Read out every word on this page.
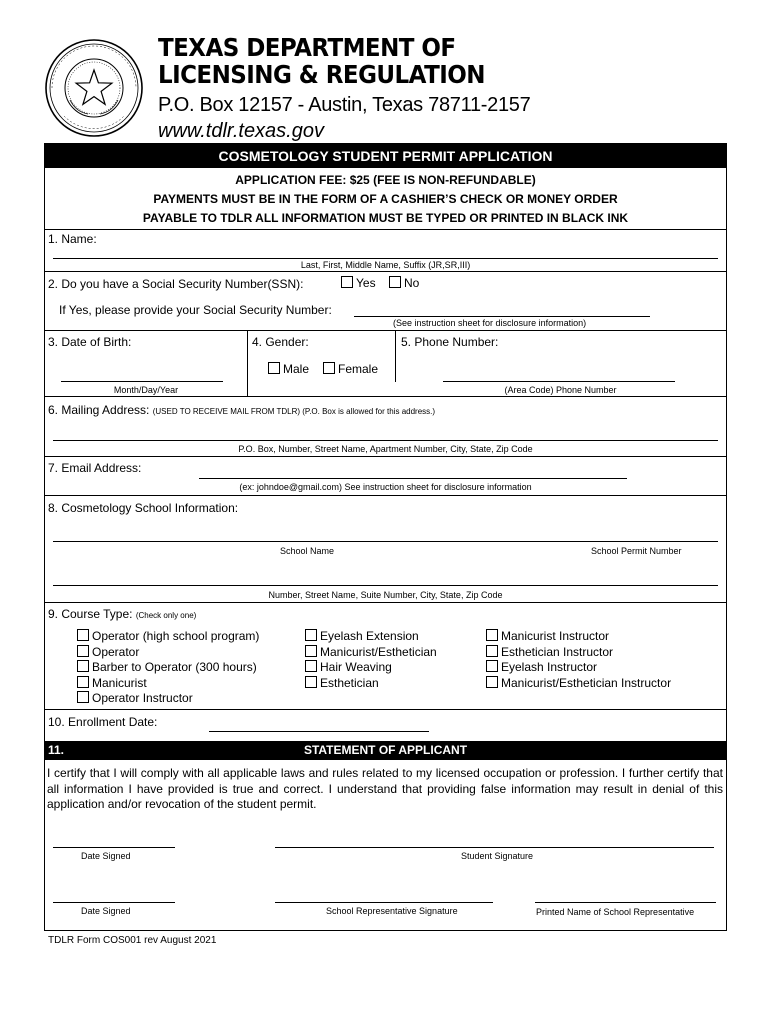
TEXAS DEPARTMENT OF
LICENSING & REGULATION
P.O. Box 12157 - Austin, Texas 78711-2157
www.tdlr.texas.gov
COSMETOLOGY STUDENT PERMIT APPLICATION
APPLICATION FEE: $25 (FEE IS NON-REFUNDABLE)
PAYMENTS MUST BE IN THE FORM OF A CASHIER’S CHECK OR MONEY ORDER
PAYABLE TO TDLR ALL INFORMATION MUST BE TYPED OR PRINTED IN BLACK INK
1. Name:
Last, First, Middle Name, Suffix (JR,SR,III)
2. Do you have a Social Security Number(SSN):	Yes	No
If Yes, please provide your Social Security Number:
(See instruction sheet for disclosure information)
3. Date of Birth:
Month/Day/Year
4. Gender:
Male	Female
5. Phone Number:
(Area Code) Phone Number
6. Mailing Address: (USED TO RECEIVE MAIL FROM TDLR) (P.O. Box is allowed for this address.)
P.O. Box, Number, Street Name, Apartment Number, City, State, Zip Code
7. Email Address:
(ex: johndoe@gmail.com) See instruction sheet for disclosure information
8. Cosmetology School Information:
School Name	School Permit Number
Number, Street Name, Suite Number, City, State, Zip Code
9. Course Type: (Check only one)
Operator (high school program)
Operator
Barber to Operator (300 hours)
Manicurist
Operator Instructor
Eyelash Extension
Manicurist/Esthetician
Hair Weaving
Esthetician
Manicurist Instructor
Esthetician Instructor
Eyelash Instructor
Manicurist/Esthetician Instructor
10. Enrollment Date:
11.	STATEMENT OF APPLICANT
I certify that I will comply with all applicable laws and rules related to my licensed occupation or profession. I further certify that all information I have provided is true and correct. I understand that providing false information may result in denial of this application and/or revocation of the student permit.
Date Signed	Student Signature
Date Signed	School Representative Signature	Printed Name of School Representative
TDLR Form COS001 rev August 2021
